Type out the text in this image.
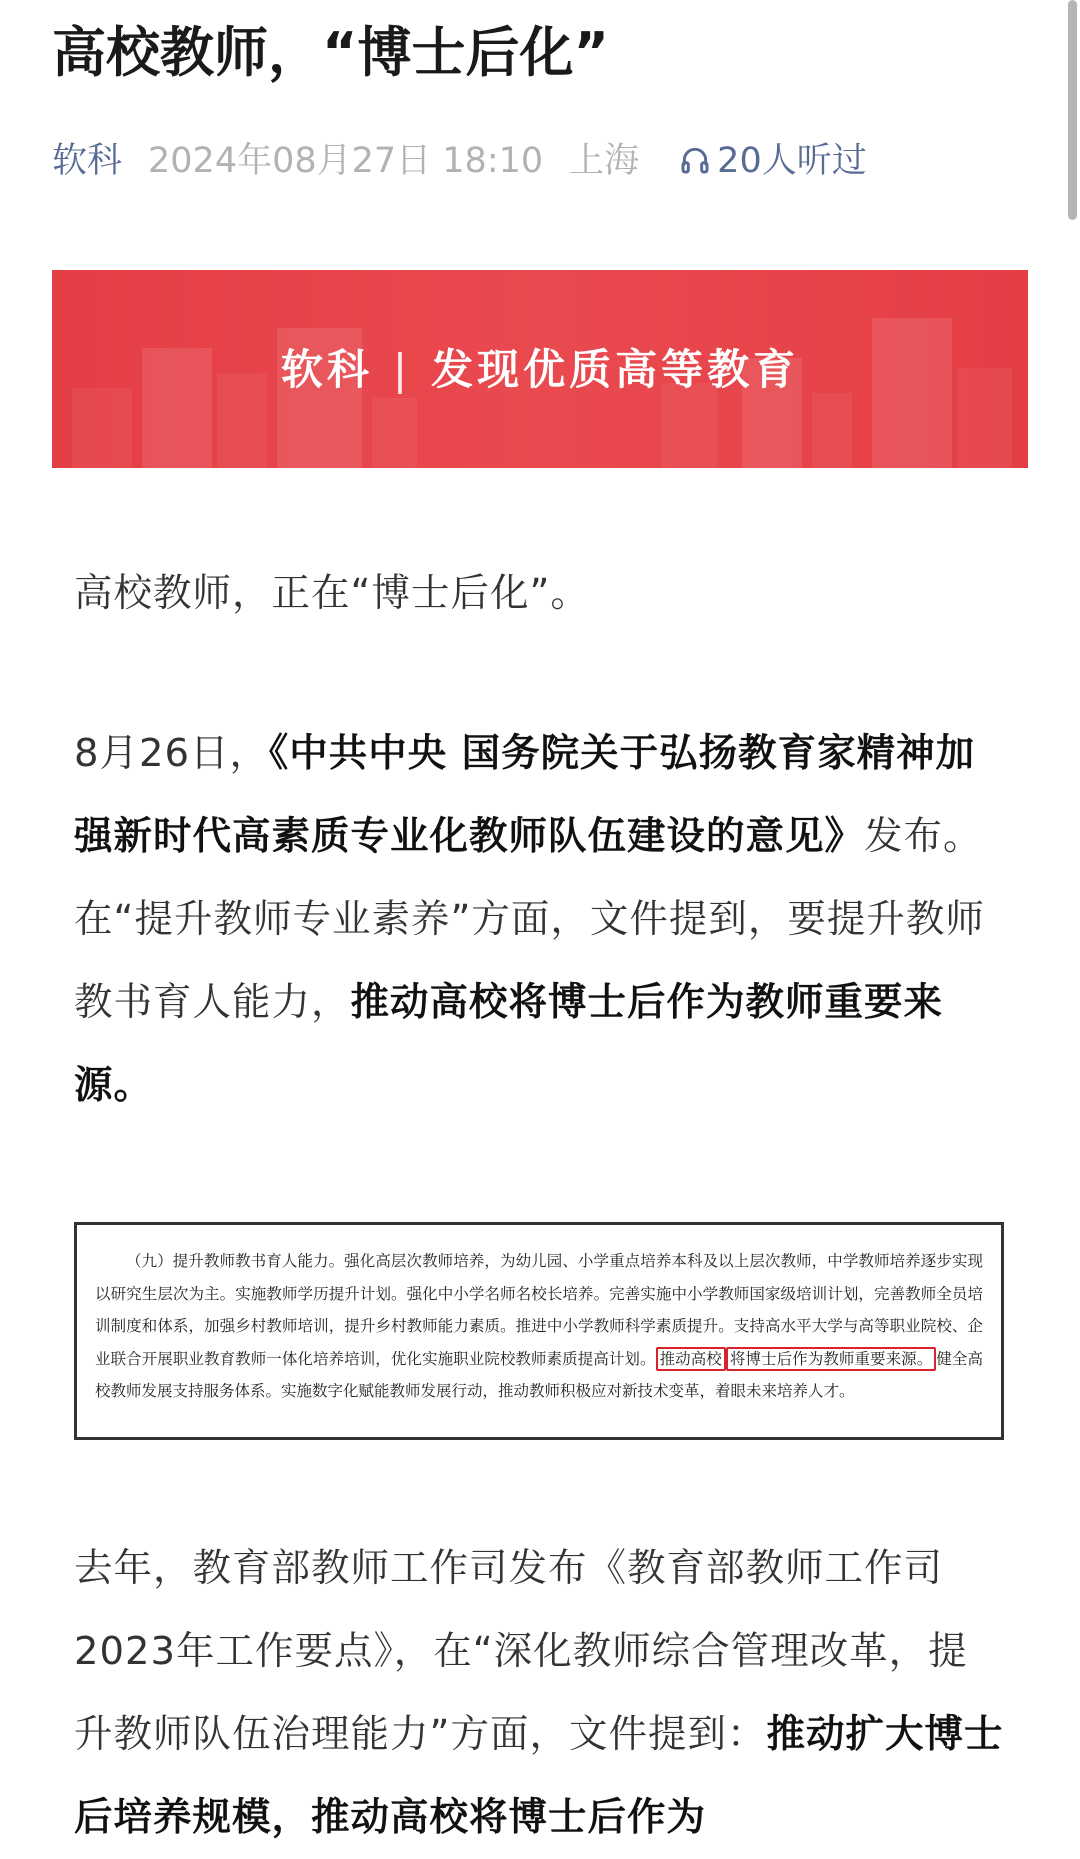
高校教师，“博士后化”
软科 2024年08月27日 18:10 上海 20人听过
软科 | 发现优质高等教育

高校教师，正在“博士后化”。

8月26日，《中共中央 国务院关于弘扬教育家精神加强新时代高素质专业化教师队伍建设的意见》发布。在“提升教师专业素养”方面，文件提到，要提升教师教书育人能力，推动高校将博士后作为教师重要来源。

（九）提升教师教书育人能力。强化高层次教师培养，为幼儿园、小学重点培养本科及以上层次教师，中学教师培养逐步实现以研究生层次为主。实施教师学历提升计划。强化中小学名师名校长培养。完善实施中小学教师国家级培训计划，完善教师全员培训制度和体系，加强乡村教师培训，提升乡村教师能力素质。推进中小学教师科学素质提升。支持高水平大学与高等职业院校、企业联合开展职业教育教师一体化培养培训，优化实施职业院校教师素质提高计划。 推动高校 将博士后作为教师重要来源。 健全高校教师发展支持服务体系。实施数字化赋能教师发展行动，推动教师积极应对新技术变革，着眼未来培养人才。

去年，教育部教师工作司发布《教育部教师工作司2023年工作要点》，在“深化教师综合管理改革，提升教师队伍治理能力”方面，文件提到：推动扩大博士后培养规模，推动高校将博士后作为
